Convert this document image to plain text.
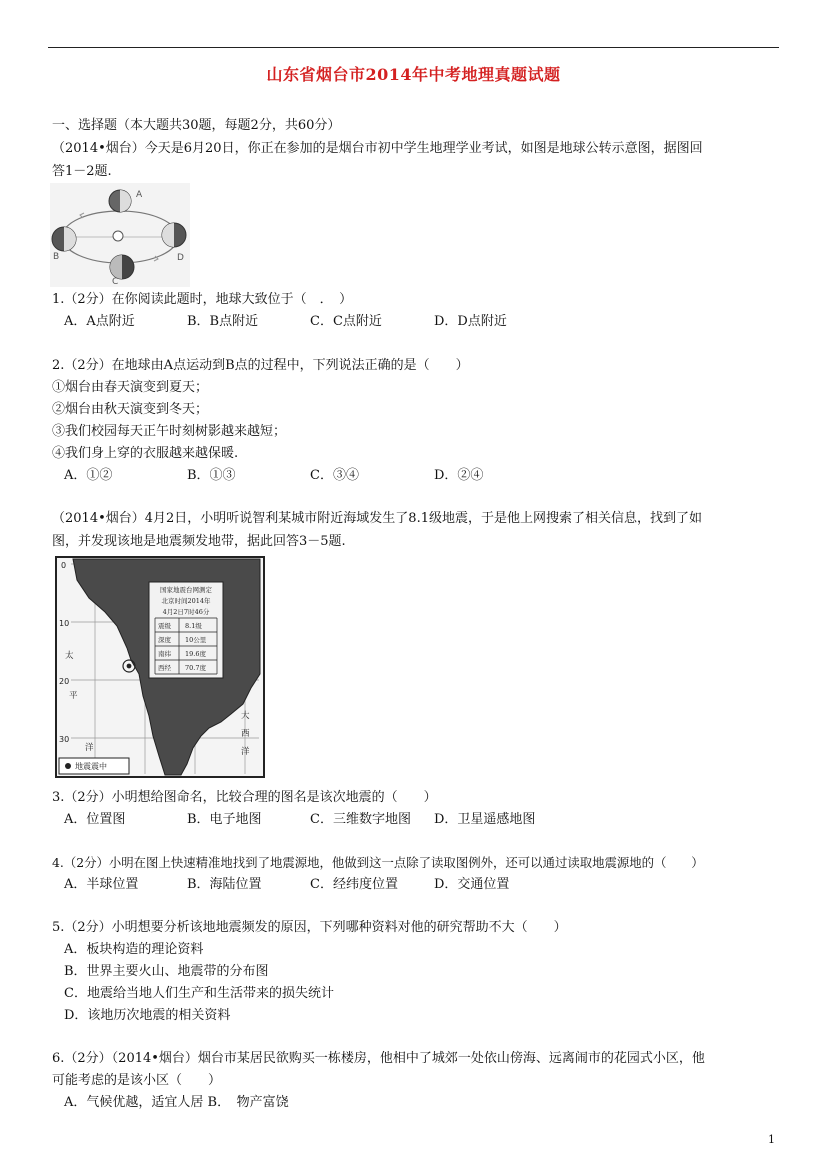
山东省烟台市2014年中考地理真题试题
一、选择题（本大题共30题，每题2分，共60分）
（2014•烟台）今天是6月20日，你正在参加的是烟台市初中学生地理学业考试，如图是地球公转示意图，据图回
答1－2题.
A
B
C
D
1.（2分）在你阅读此题时，地球大致位于（　．　）
A．A点附近	B．B点附近	C．C点附近	D．D点附近
2.（2分）在地球由A点运动到B点的过程中，下列说法正确的是（　　）
①烟台由春天演变到夏天；
②烟台由秋天演变到冬天；
③我们校园每天正午时刻树影越来越短；
④我们身上穿的衣服越来越保暖.
A．①②	B．①③	C．③④	D．②④
（2014•烟台）4月2日，小明听说智利某城市附近海域发生了8.1级地震，于是他上网搜索了相关信息，找到了如
图，并发现该地是地震频发地带，据此回答3－5题.
国家地震台网测定
北京时间2014年
4月2日7时46分
震级 8.1级
深度 10公里
南纬 19.6度
西经 70.7度
0
10
20
30
太
平
洋
大
西
洋
地震震中
3.（2分）小明想给图命名，比较合理的图名是该次地震的（　　）
A．位置图	B．电子地图	C．三维数字地图 D．卫星遥感地图
4.（2分）小明在图上快速精准地找到了地震源地，他做到这一点除了读取图例外，还可以通过读取地震源地的（　　）
A．半球位置	B．海陆位置	C．经纬度位置	D．交通位置
5.（2分）小明想要分析该地地震频发的原因，下列哪种资料对他的研究帮助不大（　　）
A．板块构造的理论资料
B．世界主要火山、地震带的分布图
C．地震给当地人们生产和生活带来的损失统计
D．该地历次地震的相关资料
6.（2分）（2014•烟台）烟台市某居民欲购买一栋楼房，他相中了城郊一处依山傍海、远离闹市的花园式小区，他
可能考虑的是该小区（　　）
A．气候优越，适宜人居 B．　物产富饶
1
